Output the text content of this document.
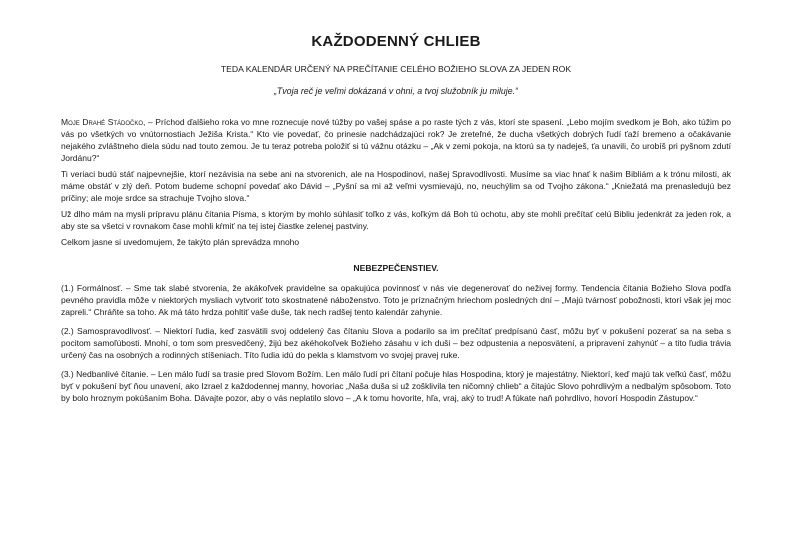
KAŽDODENNÝ CHLIEB
TEDA KALENDÁR URČENÝ NA PREČÍTANIE CELÉHO BOŽIEHO SLOVA ZA JEDEN ROK
„Tvoja reč je veľmi dokázaná v ohni, a tvoj služobník ju miluje.“

Moje Drahé Stádočko, – Príchod ďalšieho roka vo mne roznecuje nové túžby po vašej spáse a po raste tých z vás, ktorí ste spasení. „Lebo mojím svedkom je Boh, ako túžim po vás po všetkých vo vnútornostiach Ježiša Krista.“ Kto vie povedať, čo prinesie nadchádzajúci rok? Je zreteľné, že ducha všetkých dobrých ľudí ťaží bremeno a očakávanie nejakého zvláštneho diela súdu nad touto zemou. Je tu teraz potreba položiť si tú vážnu otázku – „Ak v zemi pokoja, na ktorú sa ty nadeješ, ťa unavili, čo urobíš pri pyšnom zdutí Jordánu?“

Ti veriaci budú stáť najpevnejšie, ktorí nezávisia na sebe ani na stvorenich, ale na Hospodinovi, našej Spravodlivosti. Musíme sa viac hnať k našim Bibliám a k trónu milosti, ak máme obstáť v zlý deň. Potom budeme schopní povedať ako Dávid – „Pyšní sa mi až veľmi vysmievajú, no, neuchýlim sa od Tvojho zákona.“ „Kniežatá ma prenasledujú bez príčiny; ale moje srdce sa strachuje Tvojho slova.“

Už dlho mám na mysli prípravu plánu čítania Písma, s ktorým by mohlo súhlasiť toľko z vás, koľkým dá Boh tú ochotu, aby ste mohli prečítať celú Bibliu jedenkrát za jeden rok, a aby ste sa všetci v rovnakom čase mohli kŕmiť na tej istej čiastke zelenej pastviny.

Celkom jasne si uvedomujem, že takýto plán sprevádza mnoho

NEBEZPEČENSTIEV.

(1.) Formálnosť. – Sme tak slabé stvorenia, že akákoľvek pravidelne sa opakujúca povinnosť v nás vie degenerovať do neživej formy. Tendencia čítania Božieho Slova podľa pevného pravidla môže v niektorých mysliach vytvoriť toto skostnatené náboženstvo. Toto je príznačným hriechom posledných dní – „Majú tvárnosť pobožnosti, ktorí však jej moc zapreli.“ Chráňte sa toho. Ak má táto hrdza pohltiť vaše duše, tak nech radšej tento kalendár zahynie.

(2.) Samospravodlivosť. – Niektorí ľudia, keď zasvätili svoj oddelený čas čítaniu Slova a podarilo sa im prečítať predpísanú časť, môžu byť v pokušení pozerať sa na seba s pocitom samoľúbosti. Mnohí, o tom som presvedčený, žijú bez akéhokoľvek Božieho zásahu v ich duši – bez odpustenia a neposvätení, a pripravení zahynúť – a tito ľudia trávia určený čas na osobných a rodinných stíšeniach. Títo ľudia idú do pekla s klamstvom vo svojej pravej ruke.

(3.) Nedbanlivé čítanie. – Len málo ľudí sa trasie pred Slovom Božím. Len málo ľudí pri čítaní počuje hlas Hospodina, ktorý je majestátny. Niektorí, keď majú tak veľkú časť, môžu byť v pokušení byť ňou unavení, ako Izrael z každodennej manny, hovoriac „Naša duša si už zošklivila ten ničomný chlieb“ a čitajúc Slovo pohrdlivým a nedbalým spôsobom. Toto by bolo hroznym pokúšaním Boha. Dávajte pozor, aby o vás neplatilo slovo – „A k tomu hovorite, hľa, vraj, aký to trud! A fúkate naň pohrdlivo, hovorí Hospodin Zástupov.“
